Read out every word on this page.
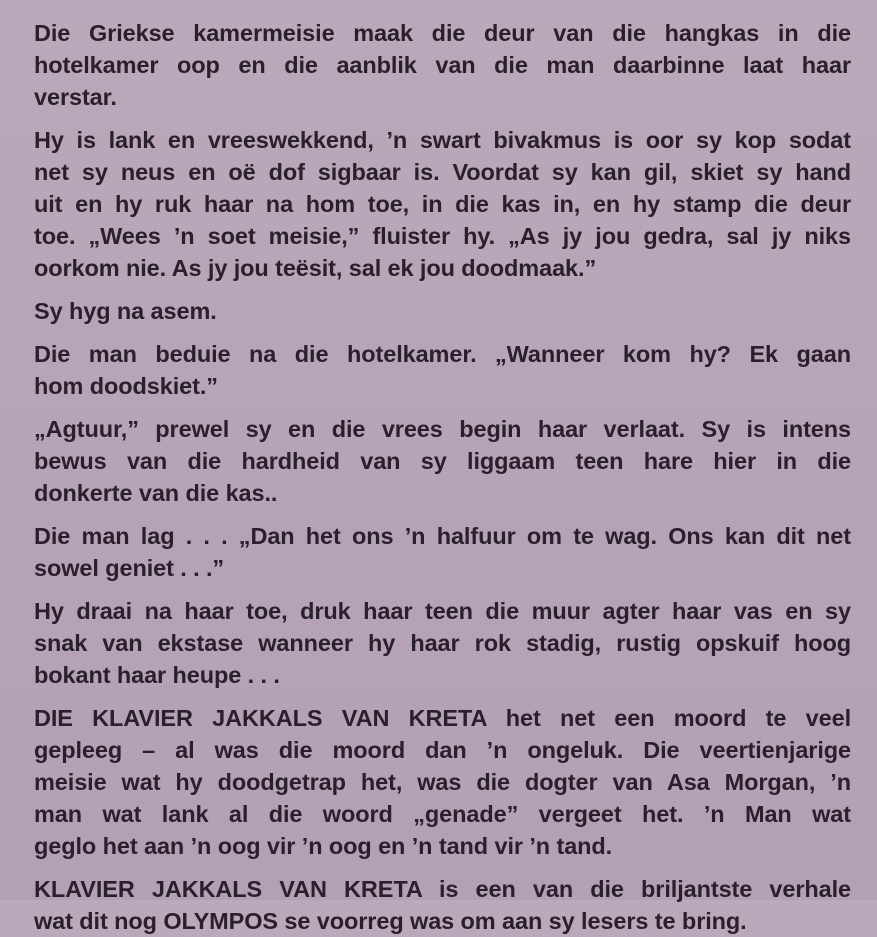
Die Griekse kamermeisie maak die deur van die hangkas in die
hotelkamer oop en die aanblik van die man daarbinne laat haar
verstar.
Hy is lank en vreeswekkend, ’n swart bivakmus is oor sy kop sodat
net sy neus en oë dof sigbaar is. Voordat sy kan gil, skiet sy hand
uit en hy ruk haar na hom toe, in die kas in, en hy stamp die deur
toe. „Wees ’n soet meisie,” fluister hy. „As jy jou gedra, sal jy niks
oorkom nie. As jy jou teësit, sal ek jou doodmaak.”
Sy hyg na asem.
Die man beduie na die hotelkamer. „Wanneer kom hy? Ek gaan
hom doodskiet.”
„Agtuur,” prewel sy en die vrees begin haar verlaat. Sy is intens
bewus van die hardheid van sy liggaam teen hare hier in die
donkerte van die kas..
Die man lag . . . „Dan het ons ’n halfuur om te wag. Ons kan dit net
sowel geniet . . .”
Hy draai na haar toe, druk haar teen die muur agter haar vas en sy
snak van ekstase wanneer hy haar rok stadig, rustig opskuif hoog
bokant haar heupe . . .
DIE KLAVIER JAKKALS VAN KRETA het net een moord te veel
gepleeg – al was die moord dan ’n ongeluk. Die veertienjarige
meisie wat hy doodgetrap het, was die dogter van Asa Morgan, ’n
man wat lank al die woord „genade” vergeet het. ’n Man wat
geglo het aan ’n oog vir ’n oog en ’n tand vir ’n tand.
KLAVIER JAKKALS VAN KRETA is een van die briljantste verhale
wat dit nog OLYMPOS se voorreg was om aan sy lesers te bring.
